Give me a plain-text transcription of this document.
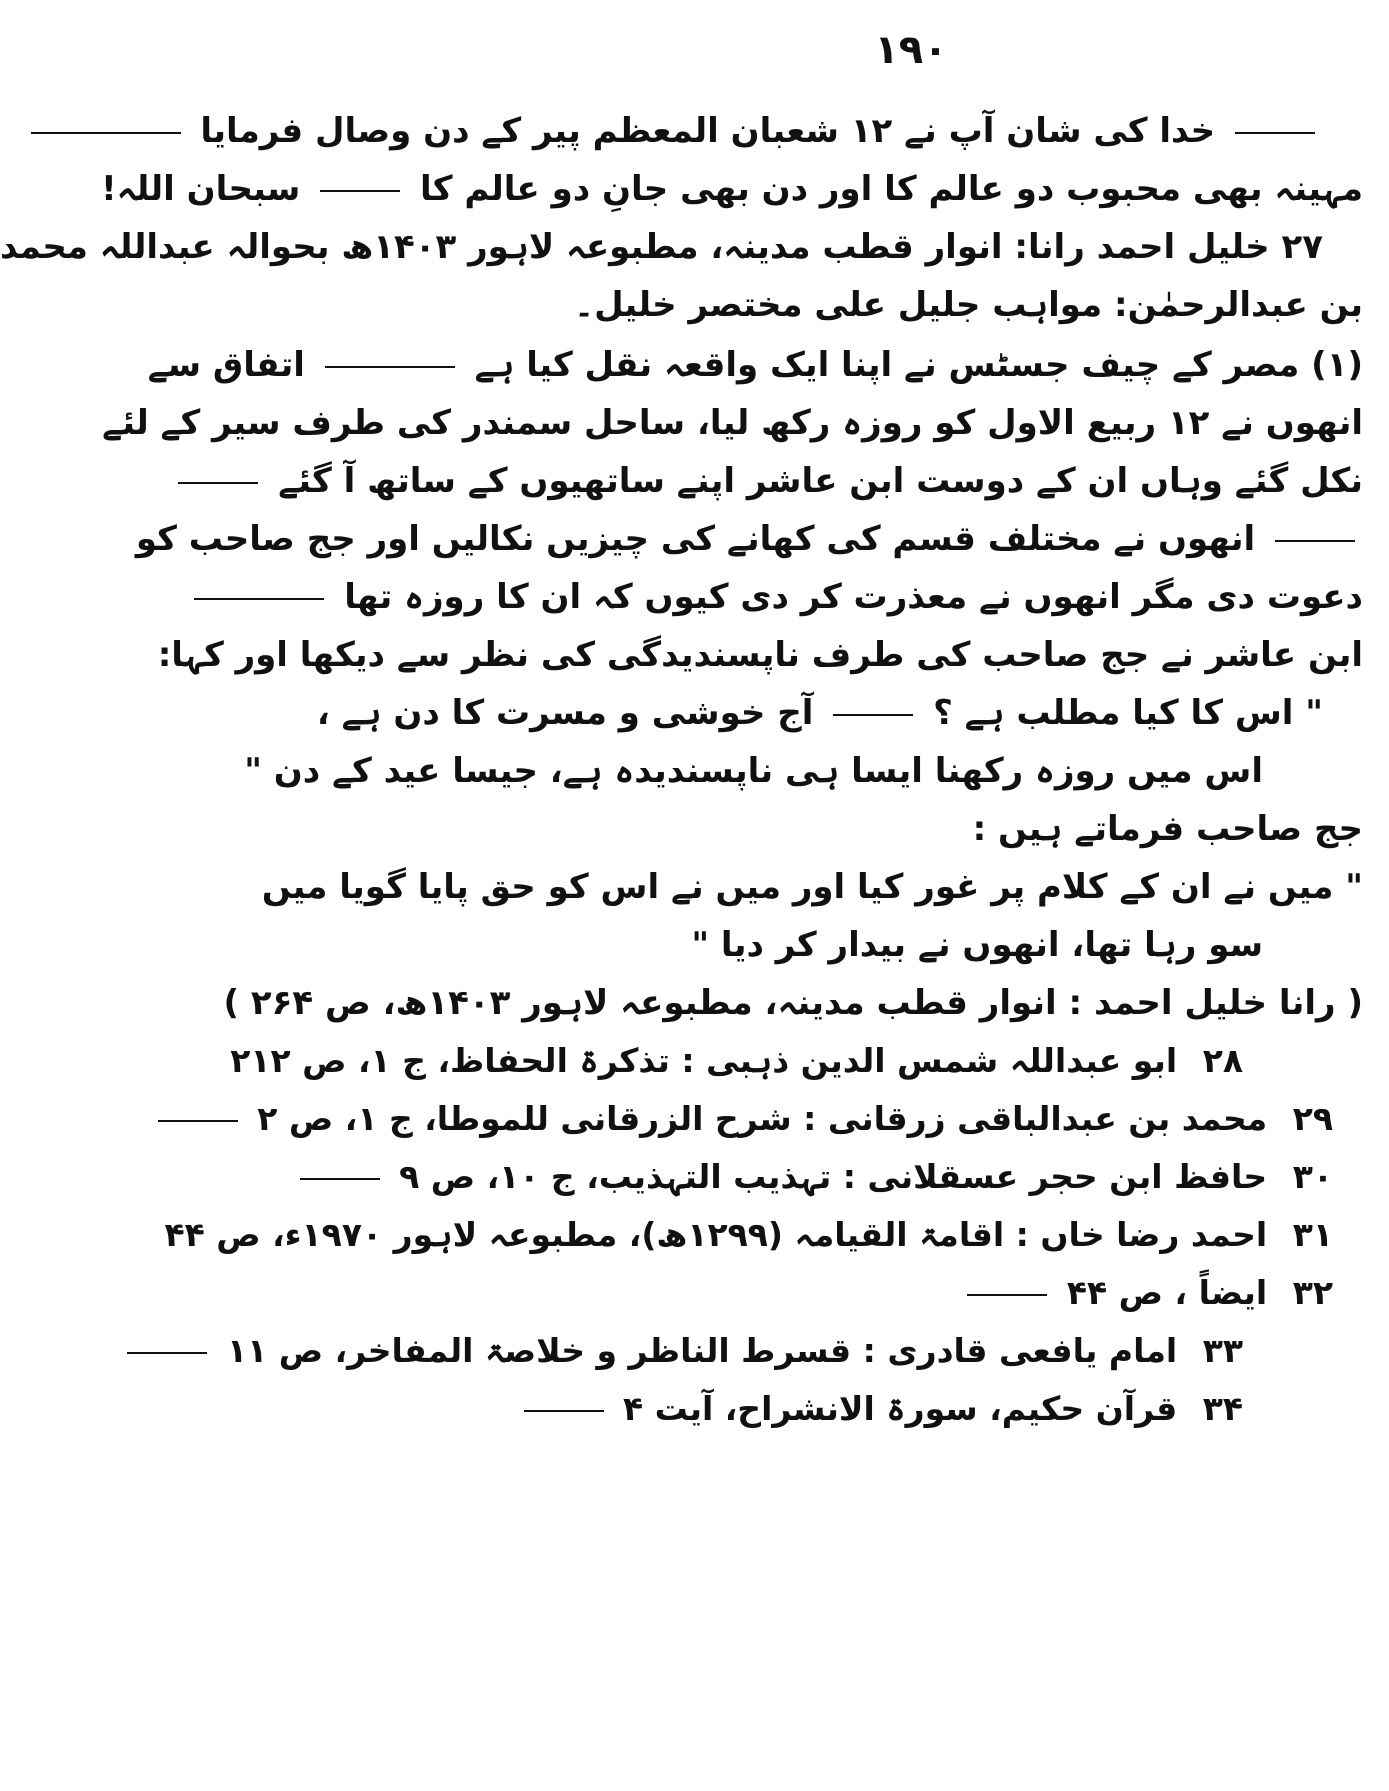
۱۹۰
خدا کی شان آپ نے ۱۲ شعبان المعظم پیر کے دن وصال فرمایا
مہینہ بھی محبوب دو عالم کا اور دن بھی جانِ دو عالم کا  سبحان اللہ!
۲۷ خلیل احمد رانا: انوار قطب مدینہ، مطبوعہ لاہور ۱۴۰۳ھ بحوالہ عبداللہ محمد
بن عبدالرحمٰن: مواہب جلیل علی مختصر خلیل۔
(۱) مصر کے چیف جسٹس نے اپنا ایک واقعہ نقل کیا ہے  اتفاق سے
انھوں نے ۱۲ ربیع الاول کو روزہ رکھ لیا، ساحل سمندر کی طرف سیر کے لئے
نکل گئے وہاں ان کے دوست ابن عاشر اپنے ساتھیوں کے ساتھ آ گئے
انھوں نے مختلف قسم کی کھانے کی چیزیں نکالیں اور جج صاحب کو
دعوت دی مگر انھوں نے معذرت کر دی کیوں کہ ان کا روزہ تھا
ابن عاشر نے جج صاحب کی طرف ناپسندیدگی کی نظر سے دیکھا اور کہا:
" اس کا کیا مطلب ہے ؟  آج خوشی و مسرت کا دن ہے ،
اس میں روزہ رکھنا ایسا ہی ناپسندیدہ ہے، جیسا عید کے دن "
جج صاحب فرماتے ہیں :
" میں نے ان کے کلام پر غور کیا اور میں نے اس کو حق پایا گویا میں
سو رہا تھا، انھوں نے بیدار کر دیا "
( رانا خلیل احمد : انوار قطب مدینہ، مطبوعہ لاہور ۱۴۰۳ھ، ص ۲۶۴ )
۲۸ ابو عبداللہ شمس الدین ذہبی : تذکرۃ الحفاظ، ج ۱، ص ۲۱۲
۲۹ محمد بن عبدالباقی زرقانی : شرح الزرقانی للموطا، ج ۱، ص ۲
۳۰ حافظ ابن حجر عسقلانی : تہذیب التہذیب، ج ۱۰، ص ۹
۳۱ احمد رضا خاں : اقامۃ القیامہ (۱۲۹۹ھ)، مطبوعہ لاہور ۱۹۷۰ء، ص ۴۴
۳۲ ایضاً ، ص ۴۴
۳۳ امام یافعی قادری : قسرط الناظر و خلاصۃ المفاخر، ص ۱۱
۳۴ قرآن حکیم، سورۃ الانشراح، آیت ۴
